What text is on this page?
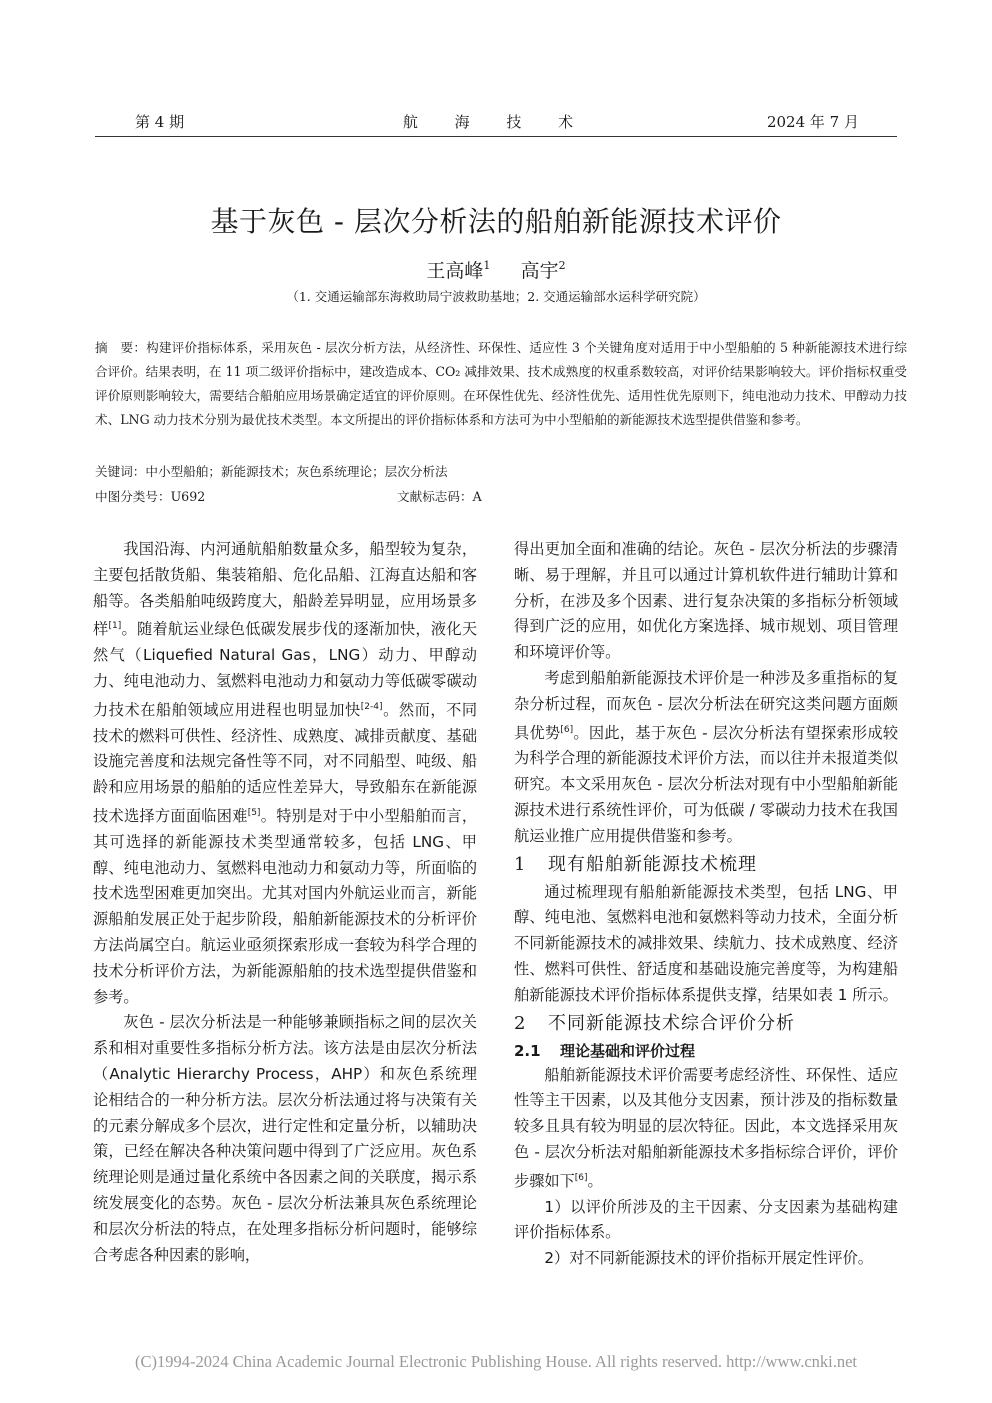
第 4 期	航 海 技 术	2024 年 7 月
基于灰色 - 层次分析法的船舶新能源技术评价
王高峰$^1$ 高宇$^2$
（1. 交通运输部东海救助局宁波救助基地；2. 交通运输部水运科学研究院）
摘　要：构建评价指标体系，采用灰色 - 层次分析方法，从经济性、环保性、适应性 3 个关键角度对适用于中小型船舶的 5 种新能源技术进行综合评价。结果表明，在 11 项二级评价指标中，建改造成本、CO₂ 减排效果、技术成熟度的权重系数较高，对评价结果影响较大。评价指标权重受评价原则影响较大，需要结合船舶应用场景确定适宜的评价原则。在环保性优先、经济性优先、适用性优先原则下，纯电池动力技术、甲醇动力技术、LNG 动力技术分别为最优技术类型。本文所提出的评价指标体系和方法可为中小型船舶的新能源技术选型提供借鉴和参考。
关键词：中小型船舶；新能源技术；灰色系统理论；层次分析法
中图分类号：U692	文献标志码：A

我国沿海、内河通航船舶数量众多，船型较为复杂，主要包括散货船、集装箱船、危化品船、江海直达船和客船等。各类船舶吨级跨度大，船龄差异明显，应用场景多样[1]。随着航运业绿色低碳发展步伐的逐渐加快，液化天然气（Liquefied Natural Gas，LNG）动力、甲醇动力、纯电池动力、氢燃料电池动力和氨动力等低碳零碳动力技术在船舶领域应用进程也明显加快[2-4]。然而，不同技术的燃料可供性、经济性、成熟度、减排贡献度、基础设施完善度和法规完备性等不同，对不同船型、吨级、船龄和应用场景的船舶的适应性差异大，导致船东在新能源技术选择方面面临困难[5]。特别是对于中小型船舶而言，其可选择的新能源技术类型通常较多，包括 LNG、甲醇、纯电池动力、氢燃料电池动力和氨动力等，所面临的技术选型困难更加突出。尤其对国内外航运业而言，新能源船舶发展正处于起步阶段，船舶新能源技术的分析评价方法尚属空白。航运业亟须探索形成一套较为科学合理的技术分析评价方法，为新能源船舶的技术选型提供借鉴和参考。

灰色 - 层次分析法是一种能够兼顾指标之间的层次关系和相对重要性多指标分析方法。该方法是由层次分析法（Analytic Hierarchy Process，AHP）和灰色系统理论相结合的一种分析方法。层次分析法通过将与决策有关的元素分解成多个层次，进行定性和定量分析，以辅助决策，已经在解决各种决策问题中得到了广泛应用。灰色系统理论则是通过量化系统中各因素之间的关联度，揭示系统发展变化的态势。灰色 - 层次分析法兼具灰色系统理论和层次分析法的特点，在处理多指标分析问题时，能够综合考虑各种因素的影响，

得出更加全面和准确的结论。灰色 - 层次分析法的步骤清晰、易于理解，并且可以通过计算机软件进行辅助计算和分析，在涉及多个因素、进行复杂决策的多指标分析领域得到广泛的应用，如优化方案选择、城市规划、项目管理和环境评价等。

考虑到船舶新能源技术评价是一种涉及多重指标的复杂分析过程，而灰色 - 层次分析法在研究这类问题方面颇具优势[6]。因此，基于灰色 - 层次分析法有望探索形成较为科学合理的新能源技术评价方法，而以往并未报道类似研究。本文采用灰色 - 层次分析法对现有中小型船舶新能源技术进行系统性评价，可为低碳 / 零碳动力技术在我国航运业推广应用提供借鉴和参考。

1 现有船舶新能源技术梳理

通过梳理现有船舶新能源技术类型，包括 LNG、甲醇、纯电池、氢燃料电池和氨燃料等动力技术，全面分析不同新能源技术的减排效果、续航力、技术成熟度、经济性、燃料可供性、舒适度和基础设施完善度等，为构建船舶新能源技术评价指标体系提供支撑，结果如表 1 所示。

2 不同新能源技术综合评价分析
2.1 理论基础和评价过程

船舶新能源技术评价需要考虑经济性、环保性、适应性等主干因素，以及其他分支因素，预计涉及的指标数量较多且具有较为明显的层次特征。因此，本文选择采用灰色 - 层次分析法对船舶新能源技术多指标综合评价，评价步骤如下[6]。

1）以评价所涉及的主干因素、分支因素为基础构建评价指标体系。

2）对不同新能源技术的评价指标开展定性评价。

(C)1994-2024 China Academic Journal Electronic Publishing House. All rights reserved. http://www.cnki.net
